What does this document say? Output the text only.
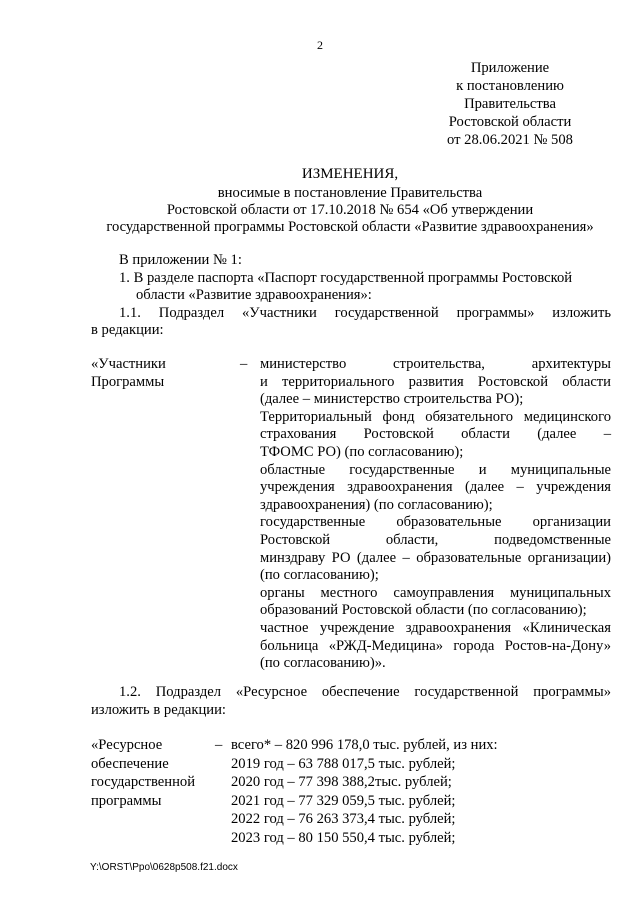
2
Приложение
к постановлению
Правительства
Ростовской области
от 28.06.2021 № 508
ИЗМЕНЕНИЯ,
вносимые в постановление Правительства
Ростовской области от 17.10.2018 № 654 «Об утверждении
государственной программы Ростовской области «Развитие здравоохранения»
В приложении № 1:
1. В разделе паспорта «Паспорт государственной программы Ростовской
области «Развитие здравоохранения»:
1.1. Подраздел «Участники государственной программы» изложить
в редакции:
«Участники
Программы
– министерство строительства, архитектуры
и территориального развития Ростовской области
(далее – министерство строительства РО);
Территориальный фонд обязательного медицинского
страхования Ростовской области (далее –
ТФОМС РО) (по согласованию);
областные государственные и муниципальные
учреждения здравоохранения (далее – учреждения
здравоохранения) (по согласованию);
государственные образовательные организации
Ростовской области, подведомственные
минздраву РО (далее – образовательные организации)
(по согласованию);
органы местного самоуправления муниципальных
образований Ростовской области (по согласованию);
частное учреждение здравоохранения «Клиническая
больница «РЖД-Медицина» города Ростов-на-Дону»
(по согласованию)».
1.2. Подраздел «Ресурсное обеспечение государственной программы»
изложить в редакции:
«Ресурсное
обеспечение
государственной
программы
– всего* – 820 996 178,0 тыс. рублей, из них:
2019 год – 63 788 017,5 тыс. рублей;
2020 год – 77 398 388,2тыс. рублей;
2021 год – 77 329 059,5 тыс. рублей;
2022 год – 76 263 373,4 тыс. рублей;
2023 год – 80 150 550,4 тыс. рублей;
Y:\ORST\Ppo\0628p508.f21.docx
